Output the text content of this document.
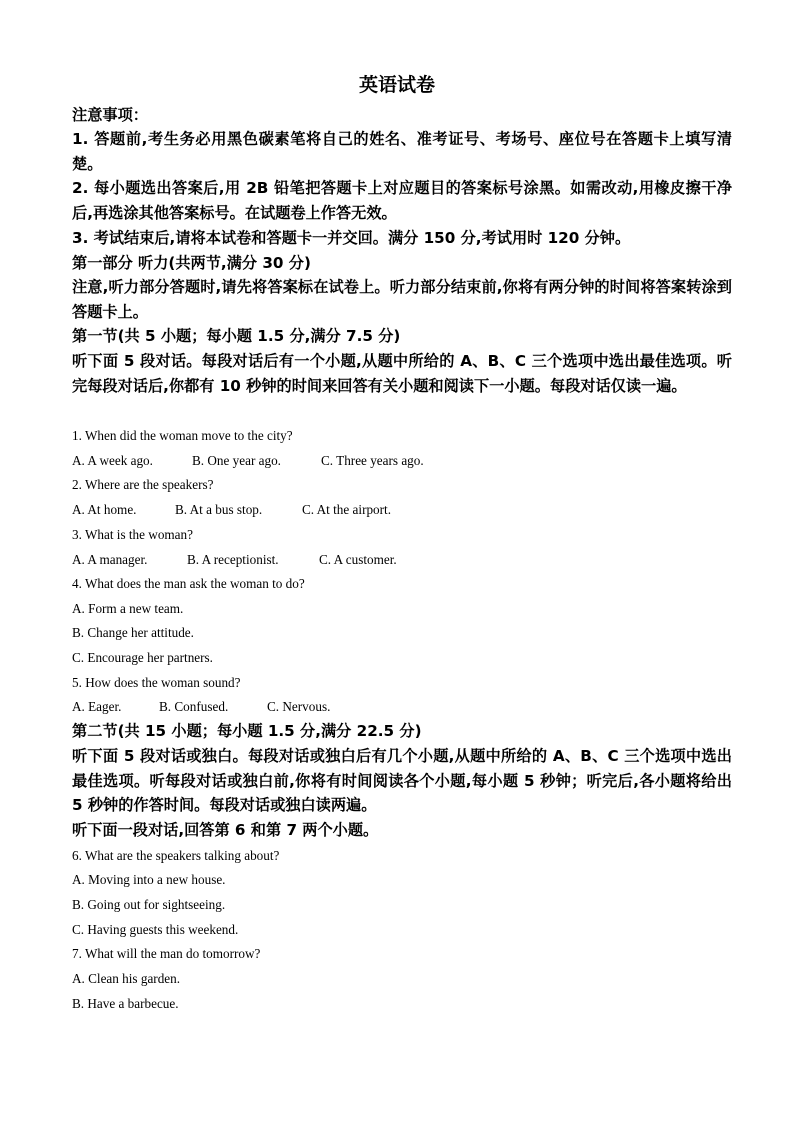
英语试卷
注意事项：
1. 答题前,考生务必用黑色碳素笔将自己的姓名、准考证号、考场号、座位号在答题卡上填写清楚。
2. 每小题选出答案后,用 2B 铅笔把答题卡上对应题目的答案标号涂黑。如需改动,用橡皮擦干净后,再选涂其他答案标号。在试题卷上作答无效。
3. 考试结束后,请将本试卷和答题卡一并交回。满分 150 分,考试用时 120 分钟。
第一部分 听力(共两节,满分 30 分)
注意,听力部分答题时,请先将答案标在试卷上。听力部分结束前,你将有两分钟的时间将答案转涂到答题卡上。
第一节(共 5 小题；每小题 1.5 分,满分 7.5 分)
听下面 5 段对话。每段对话后有一个小题,从题中所给的 A、B、C 三个选项中选出最佳选项。听完每段对话后,你都有 10 秒钟的时间来回答有关小题和阅读下一小题。每段对话仅读一遍。
1. When did the woman move to the city?
A. A week ago.	B. One year ago.	C. Three years ago.
2. Where are the speakers?
A. At home.	B. At a bus stop.	C. At the airport.
3. What is the woman?
A. A manager.	B. A receptionist.	C. A customer.
4. What does the man ask the woman to do?
A. Form a new team.
B. Change her attitude.
C. Encourage her partners.
5. How does the woman sound?
A. Eager.	B. Confused.	C. Nervous.
第二节(共 15 小题；每小题 1.5 分,满分 22.5 分)
听下面 5 段对话或独白。每段对话或独白后有几个小题,从题中所给的 A、B、C 三个选项中选出最佳选项。听每段对话或独白前,你将有时间阅读各个小题,每小题 5 秒钟；听完后,各小题将给出 5 秒钟的作答时间。每段对话或独白读两遍。
听下面一段对话,回答第 6 和第 7 两个小题。
6. What are the speakers talking about?
A. Moving into a new house.
B. Going out for sightseeing.
C. Having guests this weekend.
7. What will the man do tomorrow?
A. Clean his garden.
B. Have a barbecue.
